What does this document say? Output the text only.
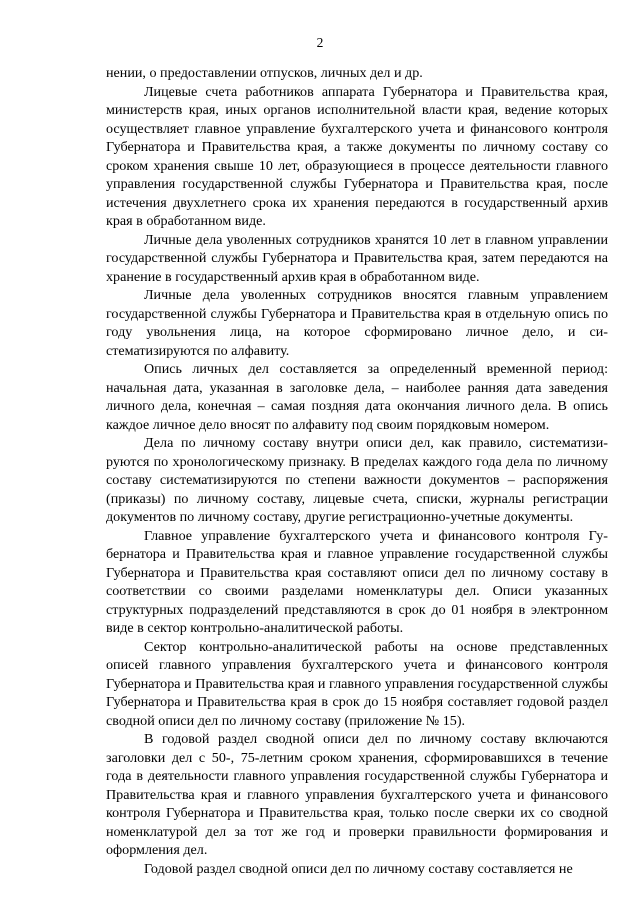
2

нении, о предоставлении отпусков, личных дел и др.

Лицевые счета работников аппарата Губернатора и Правительства края, министерств края, иных органов исполнительной власти края, ведение которых осуществляет главное управление бухгалтерского учета и финансового контроля Губернатора и Правительства края, а также документы по личному составу со сроком хранения свыше 10 лет, образующиеся в процессе деятельности главного управления государственной службы Губернатора и Правительства края, после истечения двухлетнего срока их хранения передаются в государственный архив края в обработанном виде.

Личные дела уволенных сотрудников хранятся 10 лет в главном управлении государственной службы Губернатора и Правительства края, затем передаются на хранение в государственный архив края в обработанном виде.

Личные дела уволенных сотрудников вносятся главным управлением государственной службы Губернатора и Правительства края в отдельную опись по году увольнения лица, на которое сформировано личное дело, и систематизируются по алфавиту.

Опись личных дел составляется за определенный временной период: начальная дата, указанная в заголовке дела, – наиболее ранняя дата заведения личного дела, конечная – самая поздняя дата окончания личного дела. В опись каждое личное дело вносят по алфавиту под своим порядковым номером.

Дела по личному составу внутри описи дел, как правило, систематизируются по хронологическому признаку. В пределах каждого года дела по личному составу систематизируются по степени важности документов – распоряжения (приказы) по личному составу, лицевые счета, списки, журналы регистрации документов по личному составу, другие регистрационно-учетные документы.

Главное управление бухгалтерского учета и финансового контроля Губернатора и Правительства края и главное управление государственной службы Губернатора и Правительства края составляют описи дел по личному составу в соответствии со своими разделами номенклатуры дел. Описи указанных структурных подразделений представляются в срок до 01 ноября в электронном виде в сектор контрольно-аналитической работы.

Сектор контрольно-аналитической работы на основе представленных описей главного управления бухгалтерского учета и финансового контроля Губернатора и Правительства края и главного управления государственной службы Губернатора и Правительства края в срок до 15 ноября составляет годовой раздел сводной описи дел по личному составу (приложение № 15).

В годовой раздел сводной описи дел по личному составу включаются заголовки дел с 50-, 75-летним сроком хранения, сформировавшихся в течение года в деятельности главного управления государственной службы Губернатора и Правительства края и главного управления бухгалтерского учета и финансового контроля Губернатора и Правительства края, только после сверки их со сводной номенклатурой дел за тот же год и проверки правильности формирования и оформления дел.

Годовой раздел сводной описи дел по личному составу составляется не
